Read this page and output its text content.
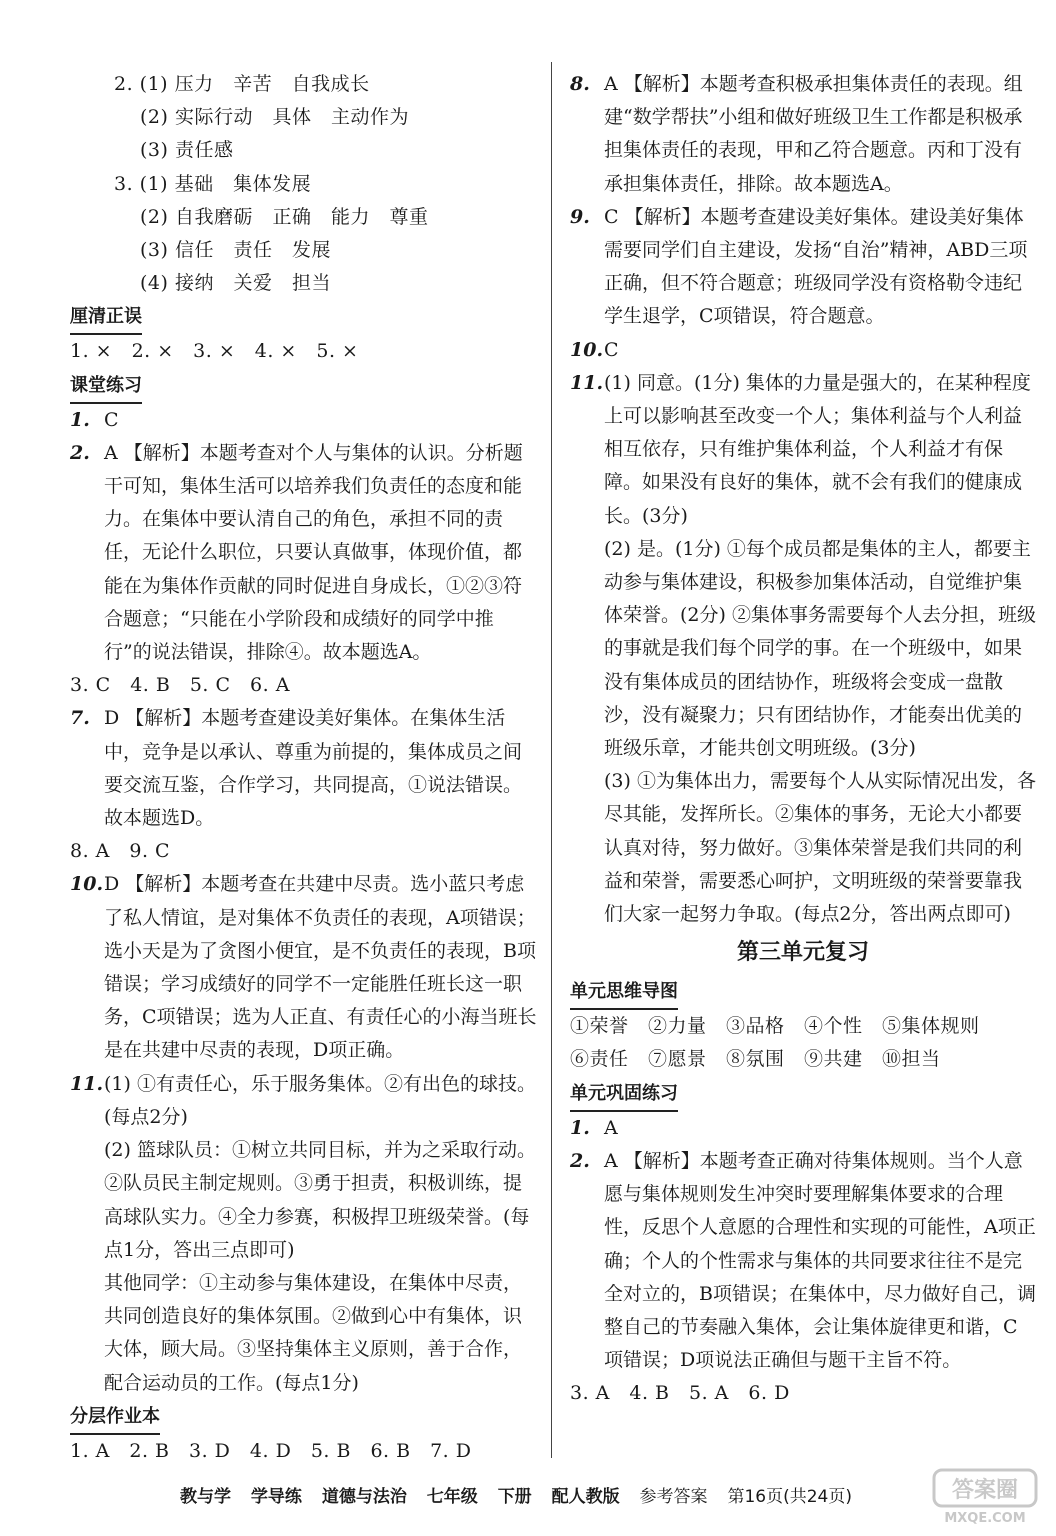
2. (1) 压力　辛苦　自我成长
(2) 实际行动　具体　主动作为
(3) 责任感
3. (1) 基础　集体发展
(2) 自我磨砺　正确　能力　尊重
(3) 信任　责任　发展
(4) 接纳　关爱　担当
厘清正误
1. ×　2. ×　3. ×　4. ×　5. ×
课堂练习
1. C
2. A 【解析】本题考查对个人与集体的认识。分析题干可知，集体生活可以培养我们负责任的态度和能力。在集体中要认清自己的角色，承担不同的责任，无论什么职位，只要认真做事，体现价值，都能在为集体作贡献的同时促进自身成长，①②③符合题意；“只能在小学阶段和成绩好的同学中推行”的说法错误，排除④。故本题选A。
3. C　4. B　5. C　6. A
7. D 【解析】本题考查建设美好集体。在集体生活中，竞争是以承认、尊重为前提的，集体成员之间要交流互鉴，合作学习，共同提高，①说法错误。故本题选D。
8. A　9. C
10. D 【解析】本题考查在共建中尽责。选小蓝只考虑了私人情谊，是对集体不负责任的表现，A项错误；选小天是为了贪图小便宜，是不负责任的表现，B项错误；学习成绩好的同学不一定能胜任班长这一职务，C项错误；选为人正直、有责任心的小海当班长是在共建中尽责的表现，D项正确。
11. (1) ①有责任心，乐于服务集体。②有出色的球技。(每点2分)
(2) 篮球队员：①树立共同目标，并为之采取行动。②队员民主制定规则。③勇于担责，积极训练，提高球队实力。④全力参赛，积极捍卫班级荣誉。(每点1分，答出三点即可)
其他同学：①主动参与集体建设，在集体中尽责，共同创造良好的集体氛围。②做到心中有集体，识大体，顾大局。③坚持集体主义原则，善于合作，配合运动员的工作。(每点1分)
分层作业本
1. A　2. B　3. D　4. D　5. B　6. B　7. D
8. A 【解析】本题考查积极承担集体责任的表现。组建“数学帮扶”小组和做好班级卫生工作都是积极承担集体责任的表现，甲和乙符合题意。丙和丁没有承担集体责任，排除。故本题选A。
9. C 【解析】本题考查建设美好集体。建设美好集体需要同学们自主建设，发扬“自治”精神，ABD三项正确，但不符合题意；班级同学没有资格勒令违纪学生退学，C项错误，符合题意。
10. C
11. (1) 同意。(1分) 集体的力量是强大的，在某种程度上可以影响甚至改变一个人；集体利益与个人利益相互依存，只有维护集体利益，个人利益才有保障。如果没有良好的集体，就不会有我们的健康成长。(3分)
(2) 是。(1分) ①每个成员都是集体的主人，都要主动参与集体建设，积极参加集体活动，自觉维护集体荣誉。(2分) ②集体事务需要每个人去分担，班级的事就是我们每个同学的事。在一个班级中，如果没有集体成员的团结协作，班级将会变成一盘散沙，没有凝聚力；只有团结协作，才能奏出优美的班级乐章，才能共创文明班级。(3分)
(3) ①为集体出力，需要每个人从实际情况出发，各尽其能，发挥所长。②集体的事务，无论大小都要认真对待，努力做好。③集体荣誉是我们共同的利益和荣誉，需要悉心呵护，文明班级的荣誉要靠我们大家一起努力争取。(每点2分，答出两点即可)
第三单元复习
单元思维导图
①荣誉　②力量　③品格　④个性　⑤集体规则
⑥责任　⑦愿景　⑧氛围　⑨共建　⑩担当
单元巩固练习
1. A
2. A 【解析】本题考查正确对待集体规则。当个人意愿与集体规则发生冲突时要理解集体要求的合理性，反思个人意愿的合理性和实现的可能性，A项正确；个人的个性需求与集体的共同要求往往不是完全对立的，B项错误；在集体中，尽力做好自己，调整自己的节奏融入集体，会让集体旋律更和谐，C项错误；D项说法正确但与题干主旨不符。
3. A　4. B　5. A　6. D
教与学 学导练 道德与法治 七年级 下册 配人教版 参考答案 第16页(共24页)	答案圈
MXQE.COM
